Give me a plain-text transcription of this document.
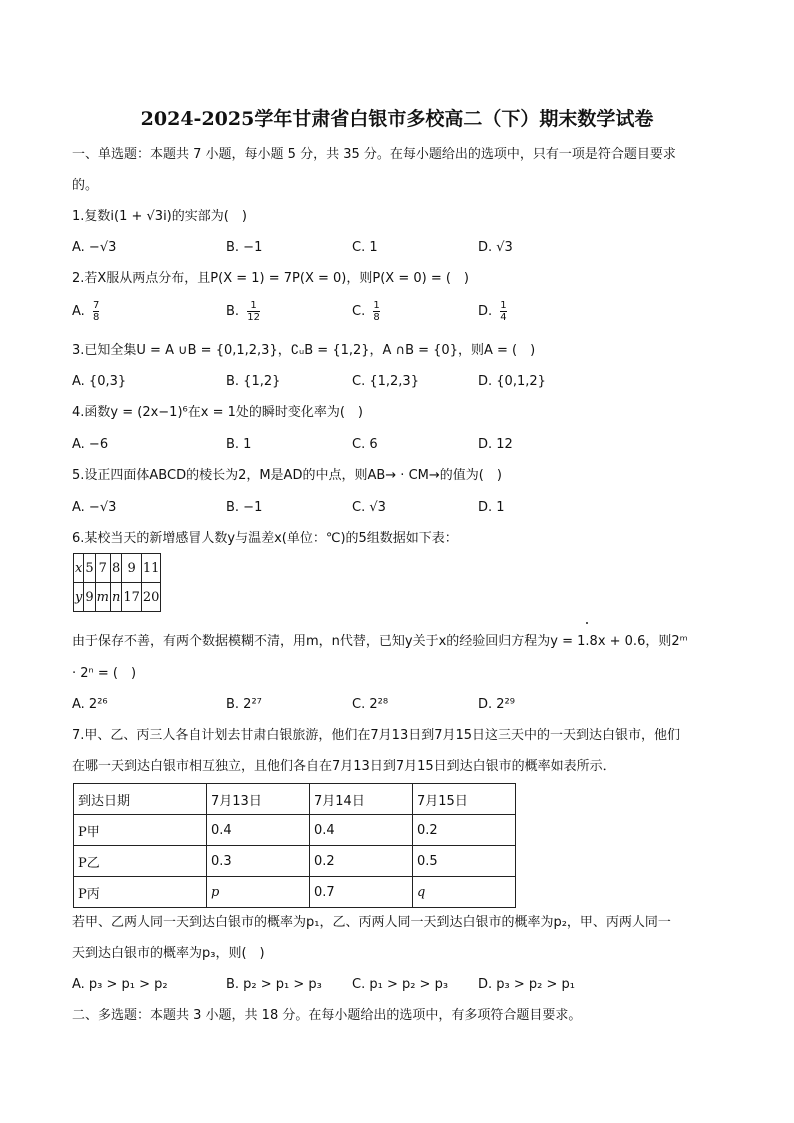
2024-2025学年甘肃省白银市多校高二（下）期末数学试卷
一、单选题：本题共 7 小题，每小题 5 分，共 35 分。在每小题给出的选项中，只有一项是符合题目要求
的。
1.复数i(1 + √3i)的实部为(　)
A. −√3	B. −1	C. 1	D. √3
2.若X服从两点分布，且P(X = 1) = 7P(X = 0)，则P(X = 0) = (　)
A. $\frac{7}{8}$	B. $\frac{1}{12}$	C. $\frac{1}{8}$	D. $\frac{1}{4}$
3.已知全集U = A ∪B = {0,1,2,3}，∁ᵤB = {1,2}，A ∩B = {0}，则A = (　)
A. {0,3}	B. {1,2}	C. {1,2,3}	D. {0,1,2}
4.函数y = (2x−1)⁶在x = 1处的瞬时变化率为(　)
A. −6	B. 1	C. 6	D. 12
5.设正四面体ABCD的棱长为2，M是AD的中点，则AB→ · CM→的值为(　)
A. −√3	B. −1	C. √3	D. 1
6.某校当天的新增感冒人数y与温差x(单位：℃)的5组数据如下表：
x	5	7	8	9	11
y	9	m	n	17	20
由于保存不善，有两个数据模糊不清，用m，n代替，已知y关于x的经验回归方程为y = 1.8x + 0.6，则2ᵐ
· 2ⁿ = (　)
A. 2²⁶	B. 2²⁷	C. 2²⁸	D. 2²⁹
7.甲、乙、丙三人各自计划去甘肃白银旅游，他们在7月13日到7月15日这三天中的一天到达白银市，他们
在哪一天到达白银市相互独立，且他们各自在7月13日到7月15日到达白银市的概率如表所示．
到达日期	7月13日	7月14日	7月15日
P甲	0.4	0.4	0.2
P乙	0.3	0.2	0.5
P丙	p	0.7	q
若甲、乙两人同一天到达白银市的概率为p₁，乙、丙两人同一天到达白银市的概率为p₂，甲、丙两人同一
天到达白银市的概率为p₃，则(　)
A. p₃ > p₁ > p₂	B. p₂ > p₁ > p₃ C. p₁ > p₂ > p₃ D. p₃ > p₂ > p₁
二、多选题：本题共 3 小题，共 18 分。在每小题给出的选项中，有多项符合题目要求。
